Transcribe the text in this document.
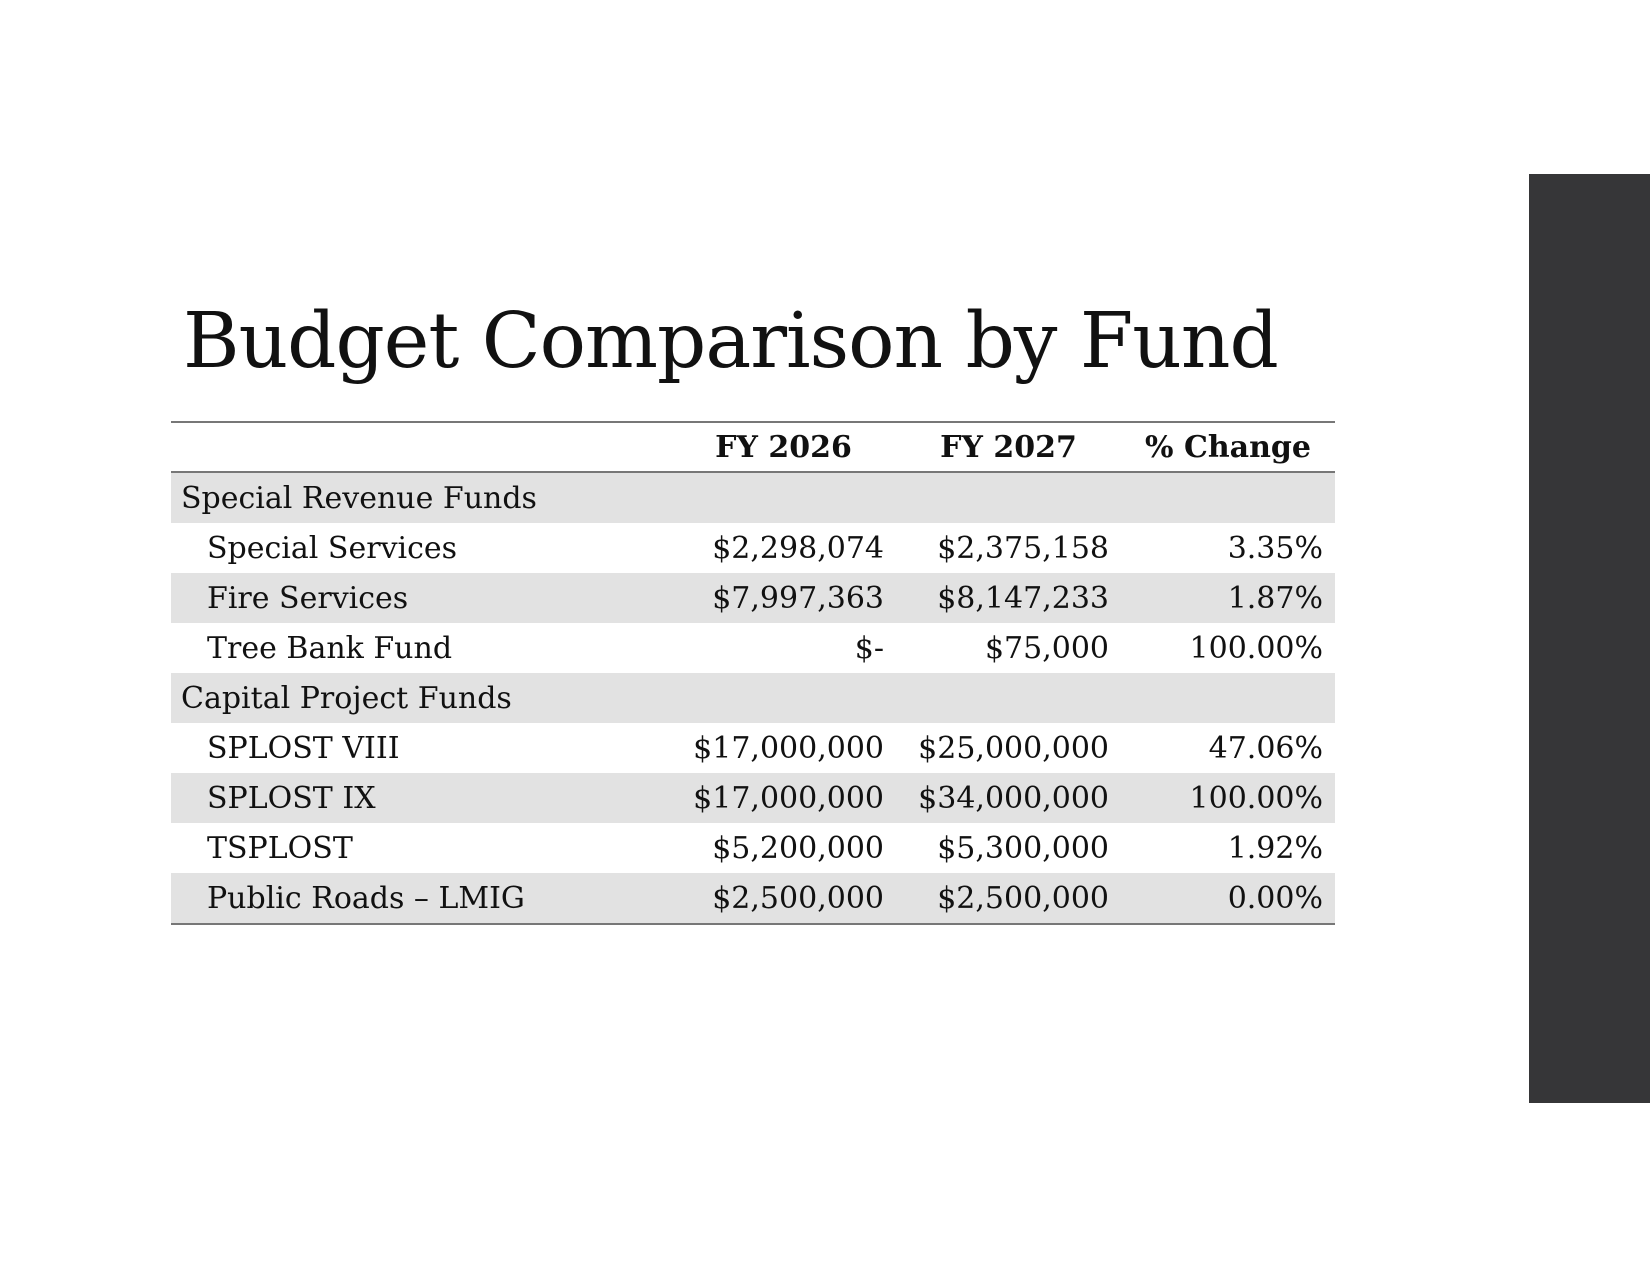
Budget Comparison by Fund
	FY 2026	FY 2027	% Change
Special Revenue Funds			
Special Services	$2,298,074	$2,375,158	3.35%
Fire Services	$7,997,363	$8,147,233	1.87%
Tree Bank Fund	$-	$75,000	100.00%
Capital Project Funds			
SPLOST VIII	$17,000,000	$25,000,000	47.06%
SPLOST IX	$17,000,000	$34,000,000	100.00%
TSPLOST	$5,200,000	$5,300,000	1.92%
Public Roads – LMIG	$2,500,000	$2,500,000	0.00%
